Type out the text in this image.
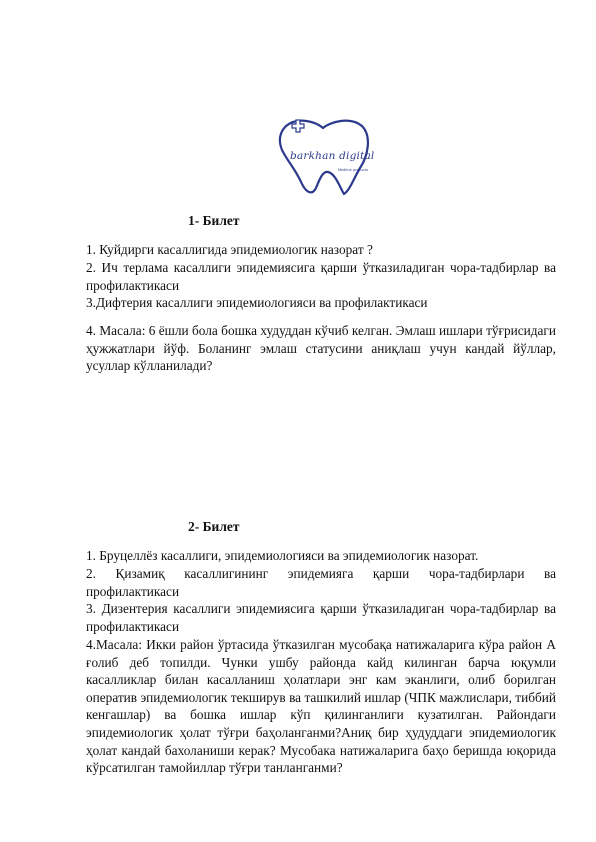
barkhan digital
Medline products
1- Билет

1. Куйдирги касаллигида эпидемиологик назорат ?

2. Ич терлама касаллиги эпидемиясига қарши ўтказиладиган чора-тадбирлар ва профилактикаси

3.Дифтерия касаллиги эпидемиологияси ва профилактикаси

4. Масала: 6 ёшли бола бошка худуддан кўчиб келган. Эмлаш ишлари тўғрисидаги ҳужжатлари йўф. Боланинг эмлаш статусини аниқлаш учун кандай йўллар, усуллар кўлланилади?

2- Билет

1. Бруцеллёз касаллиги, эпидемиологияси ва эпидемиологик назорат.

2. Қизамиқ касаллигининг эпидемияга қарши чора-тадбирлари ва
профилактикаси

3. Дизентерия касаллиги эпидемиясига қарши ўтказиладиган чора-тадбирлар ва профилактикаси

4.Масала: Икки район ўртасида ўтказилган мусобақа натижаларига кўра район А ғолиб деб топилди. Чунки ушбу районда кайд килинган барча юқумли касалликлар билан касалланиш ҳолатлари энг кам эканлиги, олиб борилган оператив эпидемиологик текширув ва ташкилий ишлар (ЧПК мажлислари, тиббий кенгашлар) ва бошка ишлар кўп қилинганлиги кузатилган. Райондаги эпидемиологик ҳолат тўғри баҳоланганми?Аниқ бир ҳудуддаги эпидемиологик ҳолат кандай бахоланиши керак? Мусобака натижаларига баҳо беришда юқорида кўрсатилган тамойиллар тўғри танланганми?
